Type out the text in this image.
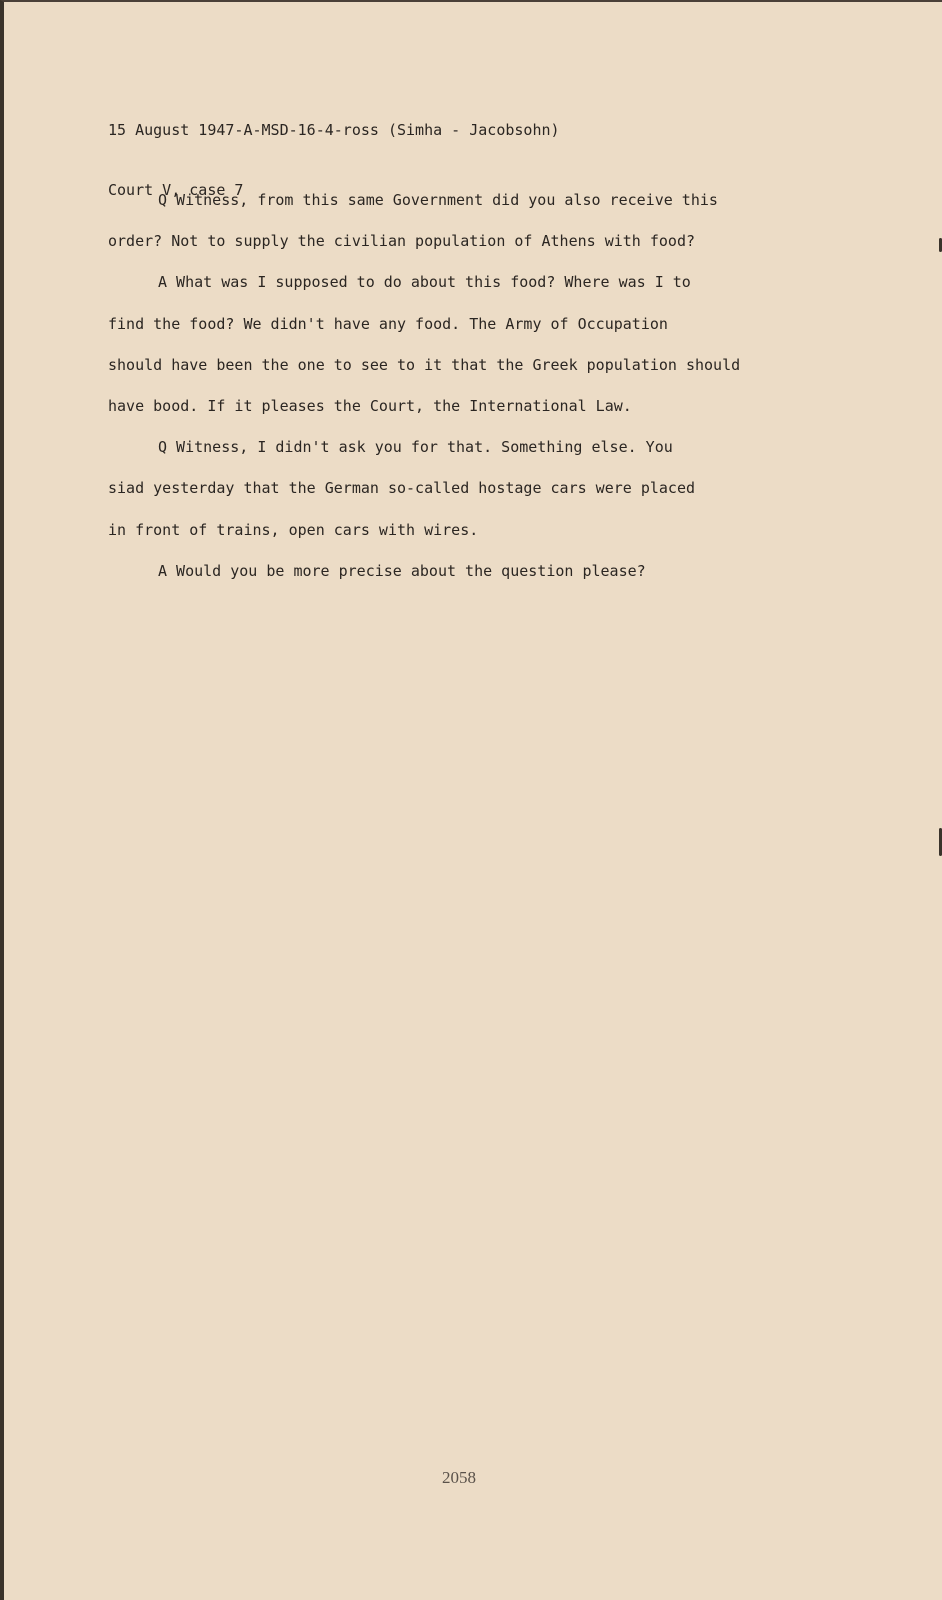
15 August 1947-A-MSD-16-4-ross (Simha - Jacobsohn)

Court V, case 7

Q Witness, from this same Government did you also receive this
order? Not to supply the civilian population of Athens with food?
A What was I supposed to do about this food? Where was I to
find the food? We didn't have any food. The Army of Occupation
should have been the one to see to it that the Greek population should
have bood. If it pleases the Court, the International Law.
Q Witness, I didn't ask you for that. Something else. You
siad yesterday that the German so-called hostage cars were placed
in front of trains, open cars with wires.
A Would you be more precise about the question please?
2058
